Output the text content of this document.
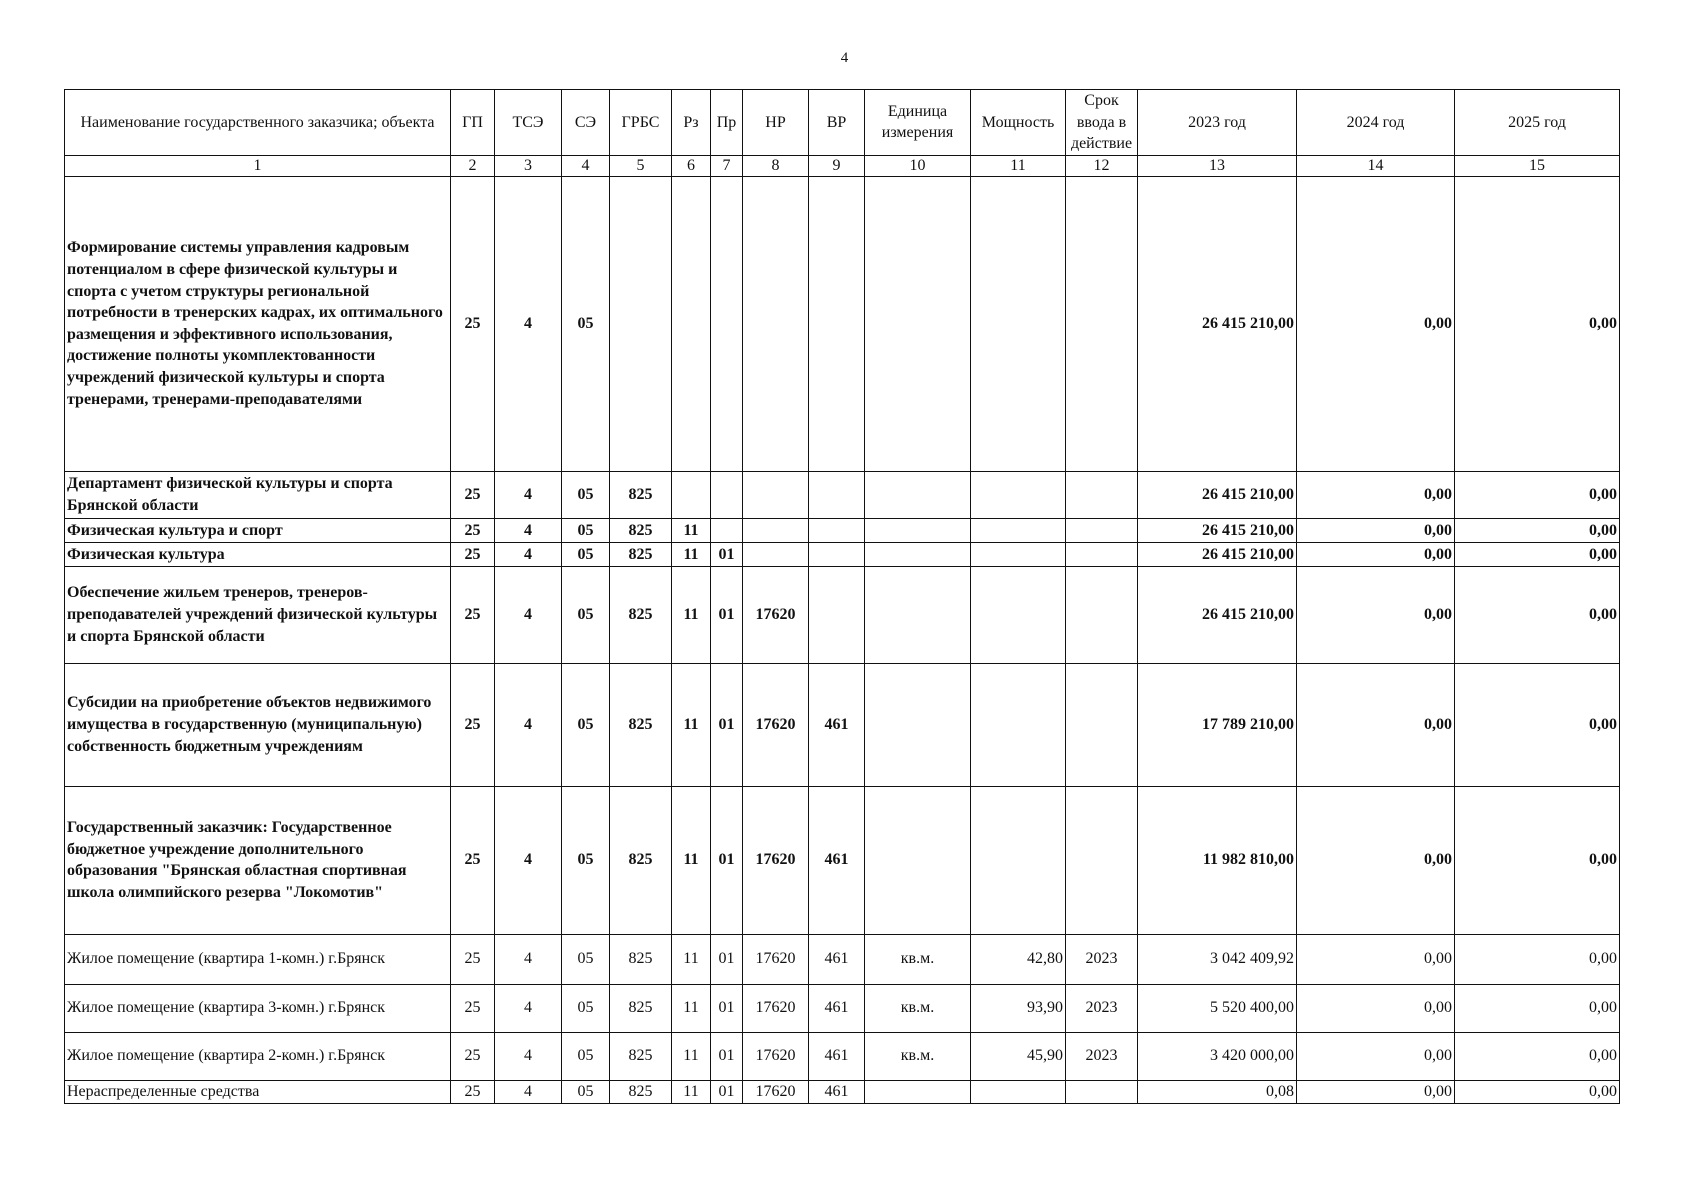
4
Наименование государственного заказчика; объекта	ГП	ТСЭ	СЭ	ГРБС	Рз	Пр	НР	ВР	Единица измерения	Мощность	Срок ввода в действие	2023 год	2024 год	2025 год
1	2	3	4	5	6	7	8	9	10	11	12	13	14	15
Формирование системы управления кадровым потенциалом в сфере физической культуры и спорта с учетом структуры региональной потребности в тренерских кадрах, их оптимального размещения и эффективного использования, достижение полноты укомплектованности учреждений физической культуры и спорта тренерами, тренерами-преподавателями	25	4	05									26 415 210,00	0,00	0,00
Департамент физической культуры и спорта Брянской области	25	4	05	825								26 415 210,00	0,00	0,00
Физическая культура и спорт	25	4	05	825	11							26 415 210,00	0,00	0,00
Физическая культура	25	4	05	825	11	01						26 415 210,00	0,00	0,00
Обеспечение жильем тренеров, тренеров-преподавателей учреждений физической культуры и спорта Брянской области	25	4	05	825	11	01	17620					26 415 210,00	0,00	0,00
Субсидии на приобретение объектов недвижимого имущества в государственную (муниципальную) собственность бюджетным учреждениям	25	4	05	825	11	01	17620	461				17 789 210,00	0,00	0,00
Государственный заказчик: Государственное бюджетное учреждение дополнительного образования "Брянская областная спортивная школа олимпийского резерва "Локомотив"	25	4	05	825	11	01	17620	461				11 982 810,00	0,00	0,00
Жилое помещение (квартира 1-комн.) г.Брянск	25	4	05	825	11	01	17620	461	кв.м.	42,80	2023	3 042 409,92	0,00	0,00
Жилое помещение (квартира 3-комн.) г.Брянск	25	4	05	825	11	01	17620	461	кв.м.	93,90	2023	5 520 400,00	0,00	0,00
Жилое помещение (квартира 2-комн.) г.Брянск	25	4	05	825	11	01	17620	461	кв.м.	45,90	2023	3 420 000,00	0,00	0,00
Нераспределенные средства	25	4	05	825	11	01	17620	461				0,08	0,00	0,00
